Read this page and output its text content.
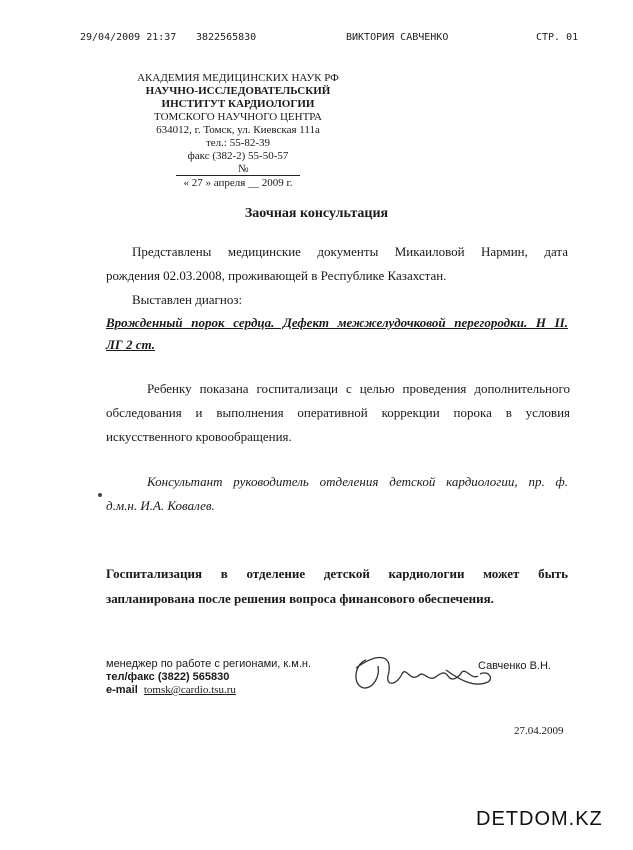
29/04/2009 21:37 3822565830	ВИКТОРИЯ САВЧЕНКО	СТР. 01
АКАДЕМИЯ МЕДИЦИНСКИХ НАУК РФ
НАУЧНО-ИССЛЕДОВАТЕЛЬСКИЙ
ИНСТИТУТ КАРДИОЛОГИИ
ТОМСКОГО НАУЧНОГО ЦЕНТРА
634012, г. Томск, ул. Киевская 111а
тел.: 55-82-39
факс (382-2) 55-50-57
№
« 27 » апреля __ 2009 г.
Заочная консультация
Представлены медицинские документы Микаиловой Нармин, дата
рождения 02.03.2008, проживающей в Республике Казахстан.
Выставлен диагноз:
Врожденный порок сердца. Дефект межжелудочковой перегородки. Н II.
ЛГ 2 ст.
Ребенку показана госпитализаци с целью проведения дополнительного
обследования и выполнения оперативной коррекции порока в условия
искусственного кровообращения.
Консультант руководитель отделения детской кардиологии, пр. ф.
д.м.н. И.А. Ковалев.
Госпитализация в отделение детской кардиологии может быть
запланирована после решения вопроса финансового обеспечения.
менеджер по работе с регионами, к.м.н.
тел/факс (3822) 565830
e-mail tomsk@cardio.tsu.ru
Савченко В.Н.
27.04.2009
DETDOM.KZ
